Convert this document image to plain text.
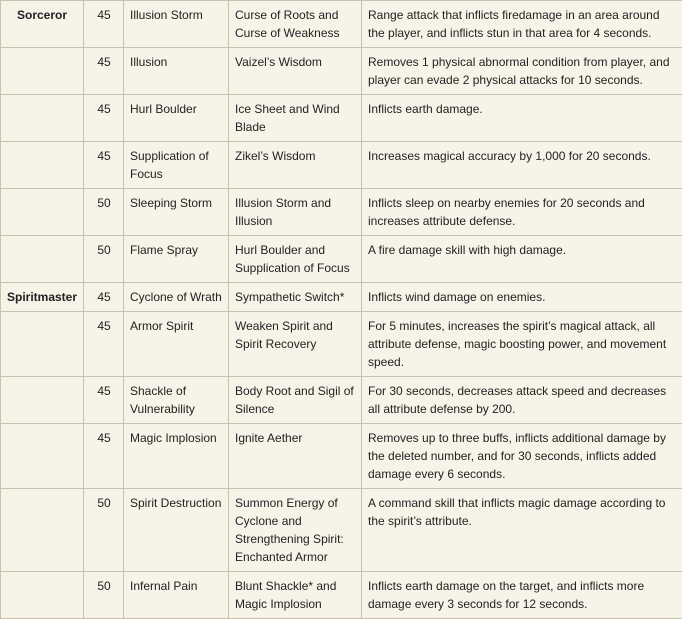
Sorceror	45	Illusion Storm	Curse of Roots and Curse of Weakness	Range attack that inflicts firedamage in an area around the player, and inflicts stun in that area for 4 seconds.
	45	Illusion	Vaizel’s Wisdom	Removes 1 physical abnormal condition from player, and player can evade 2 physical attacks for 10 seconds.
	45	Hurl Boulder	Ice Sheet and Wind Blade	Inflicts earth damage.
	45	Supplication of Focus	Zikel’s Wisdom	Increases magical accuracy by 1,000 for 20 seconds.
	50	Sleeping Storm	Illusion Storm and Illusion	Inflicts sleep on nearby enemies for 20 seconds and increases attribute defense.
	50	Flame Spray	Hurl Boulder and Supplication of Focus	A fire damage skill with high damage.
Spiritmaster	45	Cyclone of Wrath	Sympathetic Switch*	Inflicts wind damage on enemies.
	45	Armor Spirit	Weaken Spirit and Spirit Recovery	For 5 minutes, increases the spirit’s magical attack, all attribute defense, magic boosting power, and movement speed.
	45	Shackle of Vulnerability	Body Root and Sigil of Silence	For 30 seconds, decreases attack speed and decreases all attribute defense by 200.
	45	Magic Implosion	Ignite Aether	Removes up to three buffs, inflicts additional damage by the deleted number, and for 30 seconds, inflicts added damage every 6 seconds.
	50	Spirit Destruction	Summon Energy of Cyclone and Strengthening Spirit: Enchanted Armor	A command skill that inflicts magic damage according to the spirit’s attribute.
	50	Infernal Pain	Blunt Shackle* and Magic Implosion	Inflicts earth damage on the target, and inflicts more damage every 3 seconds for 12 seconds.
